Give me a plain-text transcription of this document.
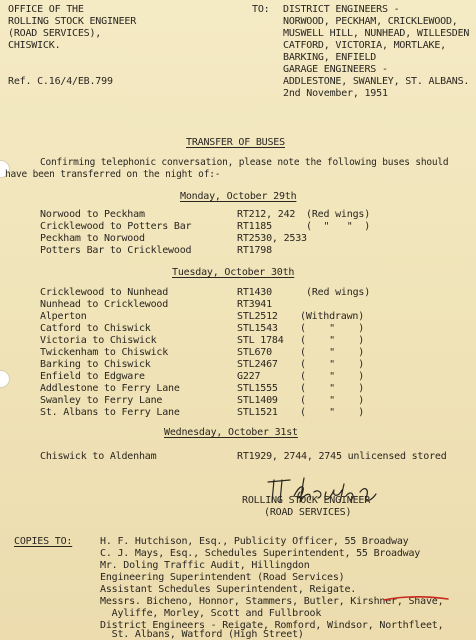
OFFICE OF THE
ROLLING STOCK ENGINEER
(ROAD SERVICES),
CHISWICK.
Ref. C.16/4/EB.799
TO: DISTRICT ENGINEERS -
NORWOOD, PECKHAM, CRICKLEWOOD,
MUSWELL HILL, NUNHEAD, WILLESDEN
CATFORD, VICTORIA, MORTLAKE,
BARKING, ENFIELD
GARAGE ENGINEERS -
ADDLESTONE, SWANLEY, ST. ALBANS.
2nd November, 1951
TRANSFER OF BUSES
Confirming telephonic conversation, please note the following buses should
have been transferred on the night of:-
Monday, October 29th
Norwood to Peckham	RT212, 242 (Red wings)
Cricklewood to Potters Bar	RT1185	(  "   "  )
Peckham to Norwood	RT2530, 2533
Potters Bar to Cricklewood	RT1798
Tuesday, October 30th
Cricklewood to Nunhead	RT1430	(Red wings)
Nunhead to Cricklewood	RT3941
Alperton	STL2512 (Withdrawn)
Catford to Chiswick	STL1543 (    "    )
Victoria to Chiswick	STL 1784 (    "    )
Twickenham to Chiswick	STL670	(    "    )
Barking to Chiswick	STL2467 (    "    )
Enfield to Edgware	G227	(    "    )
Addlestone to Ferry Lane	STL1555 (    "    )
Swanley to Ferry Lane	STL1409 (    "    )
St. Albans to Ferry Lane	STL1521 (    "    )
Wednesday, October 31st
Chiswick to Aldenham	RT1929, 2744, 2745 unlicensed stored
ROLLING STOCK ENGINEER
(ROAD SERVICES)
COPIES TO:	H. F. Hutchison, Esq., Publicity Officer, 55 Broadway
C. J. Mays, Esq., Schedules Superintendent, 55 Broadway
Mr. Doling Traffic Audit, Hillingdon
Engineering Superintendent (Road Services)
Assistant Schedules Superintendent, Reigate.
Messrs. Bicheno, Honnor, Stammers, Butler, Kirshner, Shave,
Ayliffe, Morley, Scott and Fullbrook
District Engineers - Reigate, Romford, Windsor, Northfleet,
St. Albans, Watford (High Street)
